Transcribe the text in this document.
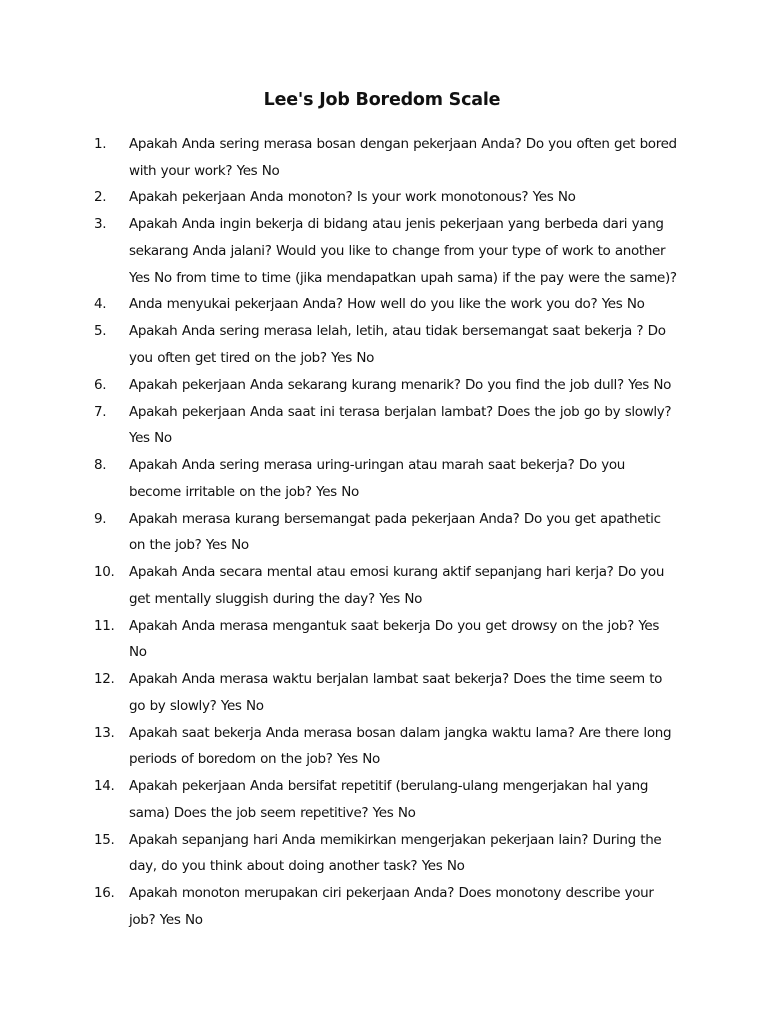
Lee's Job Boredom Scale
1.	Apakah Anda sering merasa bosan dengan pekerjaan Anda? Do you often get bored with your work? Yes No
2.	Apakah pekerjaan Anda monoton? Is your work monotonous? Yes No
3.	Apakah Anda ingin bekerja di bidang atau jenis pekerjaan yang berbeda dari yang sekarang Anda jalani? Would you like to change from your type of work to another Yes No from time to time (jika mendapatkan upah sama) if the pay were the same)?
4.	Anda menyukai pekerjaan Anda? How well do you like the work you do? Yes No
5.	Apakah Anda sering merasa lelah, letih, atau tidak bersemangat saat bekerja ? Do you often get tired on the job? Yes No
6.	Apakah pekerjaan Anda sekarang kurang menarik? Do you find the job dull? Yes No
7.	Apakah pekerjaan Anda saat ini terasa berjalan lambat? Does the job go by slowly? Yes No
8.	Apakah Anda sering merasa uring-uringan atau marah saat bekerja? Do you become irritable on the job? Yes No
9.	Apakah merasa kurang bersemangat pada pekerjaan Anda? Do you get apathetic on the job? Yes No
10.	Apakah Anda secara mental atau emosi kurang aktif sepanjang hari kerja? Do you get mentally sluggish during the day? Yes No
11.	Apakah Anda merasa mengantuk saat bekerja Do you get drowsy on the job? Yes No
12.	Apakah Anda merasa waktu berjalan lambat saat bekerja? Does the time seem to go by slowly? Yes No
13.	Apakah saat bekerja Anda merasa bosan dalam jangka waktu lama? Are there long periods of boredom on the job? Yes No
14.	Apakah pekerjaan Anda bersifat repetitif (berulang-ulang mengerjakan hal yang sama) Does the job seem repetitive? Yes No
15.	Apakah sepanjang hari Anda memikirkan mengerjakan pekerjaan lain? During the day, do you think about doing another task? Yes No
16.	Apakah monoton merupakan ciri pekerjaan Anda? Does monotony describe your job? Yes No
